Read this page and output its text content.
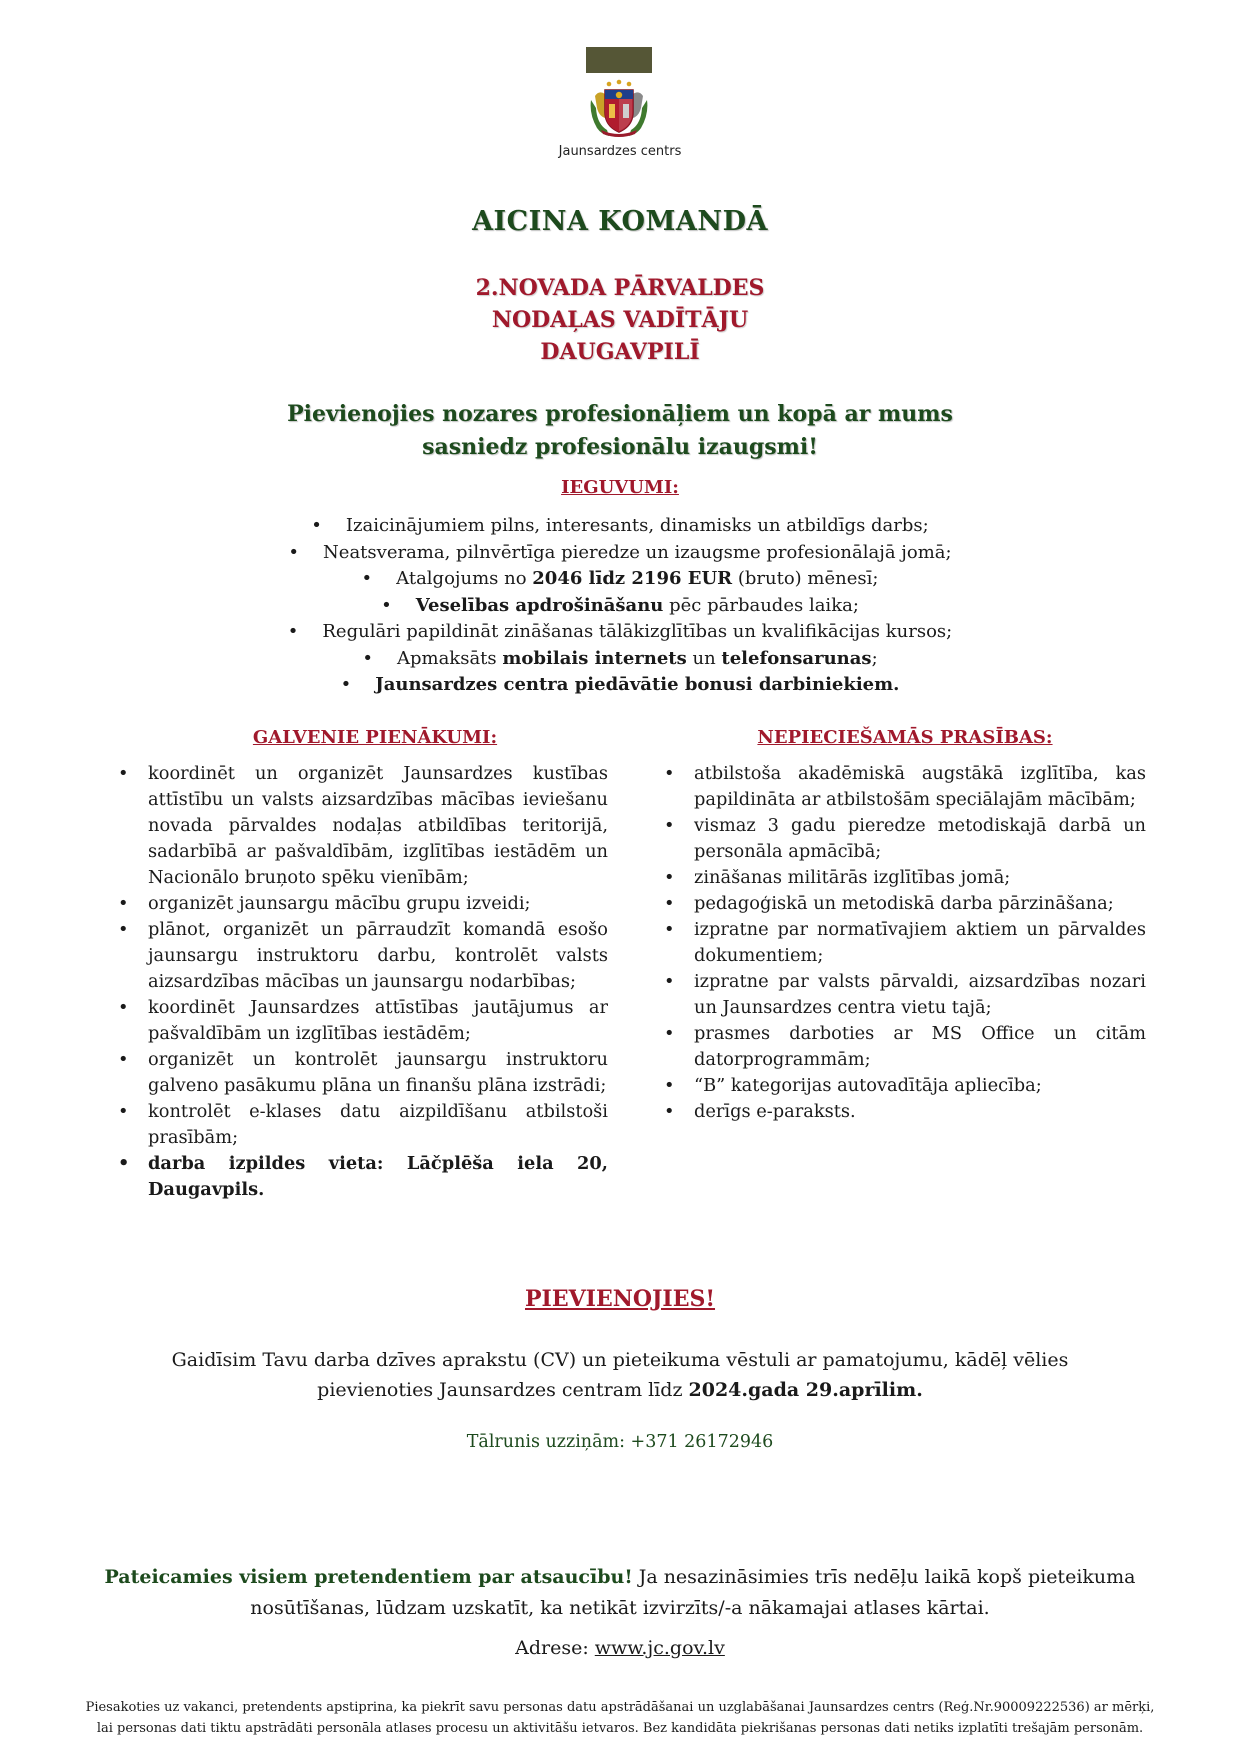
Jaunsardzes centrs
AICINA KOMANDĀ
2.NOVADA PĀRVALDES
NODAĻAS VADĪTĀJU
DAUGAVPILĪ
Pievienojies nozares profesionāļiem un kopā ar mums
sasniedz profesionālu izaugsmi!
IEGUVUMI:
• Izaicinājumiem pilns, interesants, dinamisks un atbildīgs darbs;
• Neatsverama, pilnvērtīga pieredze un izaugsme profesionālajā jomā;
• Atalgojums no 2046 līdz 2196 EUR (bruto) mēnesī;
• Veselības apdrošināšanu pēc pārbaudes laika;
• Regulāri papildināt zināšanas tālākizglītības un kvalifikācijas kursos;
• Apmaksāts mobilais internets un telefonsarunas;
• Jaunsardzes centra piedāvātie bonusi darbiniekiem.
GALVENIE PIENĀKUMI:	NEPIECIEŠAMĀS PRASĪBAS:
• koordinēt un organizēt Jaunsardzes kustības attīstību un valsts aizsardzības mācības ieviešanu novada pārvaldes nodaļas atbildības teritorijā, sadarbībā ar pašvaldībām, izglītības iestādēm un Nacionālo bruņoto spēku vienībām;
• organizēt jaunsargu mācību grupu izveidi;
• plānot, organizēt un pārraudzīt komandā esošo jaunsargu instruktoru darbu, kontrolēt valsts aizsardzības mācības un jaunsargu nodarbības;
• koordinēt Jaunsardzes attīstības jautājumus ar pašvaldībām un izglītības iestādēm;
• organizēt un kontrolēt jaunsargu instruktoru galveno pasākumu plāna un finanšu plāna izstrādi;
• kontrolēt e-klases datu aizpildīšanu atbilstoši prasībām;
• darba izpildes vieta: Lāčplēša iela 20, Daugavpils.
• atbilstoša akadēmiskā augstākā izglītība, kas papildināta ar atbilstošām speciālajām mācībām;
• vismaz 3 gadu pieredze metodiskajā darbā un personāla apmācībā;
• zināšanas militārās izglītības jomā;
• pedagoģiskā un metodiskā darba pārzināšana;
• izpratne par normatīvajiem aktiem un pārvaldes dokumentiem;
• izpratne par valsts pārvaldi, aizsardzības nozari un Jaunsardzes centra vietu tajā;
• prasmes darboties ar MS Office un citām datorprogrammām;
• “B” kategorijas autovadītāja apliecība;
• derīgs e-paraksts.
PIEVIENOJIES!
Gaidīsim Tavu darba dzīves aprakstu (CV) un pieteikuma vēstuli ar pamatojumu, kādēļ vēlies
pievienoties Jaunsardzes centram līdz 2024.gada 29.aprīlim.
Tālrunis uzziņām: +371 26172946
Pateicamies visiem pretendentiem par atsaucību! Ja nesazināsimies trīs nedēļu laikā kopš pieteikuma nosūtīšanas, lūdzam uzskatīt, ka netikāt izvirzīts/-a nākamajai atlases kārtai.
Adrese: www.jc.gov.lv
Piesakoties uz vakanci, pretendents apstiprina, ka piekrīt savu personas datu apstrādāšanai un uzglabāšanai Jaunsardzes centrs (Reģ.Nr.90009222536) ar mērķi,
lai personas dati tiktu apstrādāti personāla atlases procesu un aktivitāšu ietvaros. Bez kandidāta piekrišanas personas dati netiks izplatīti trešajām personām.
